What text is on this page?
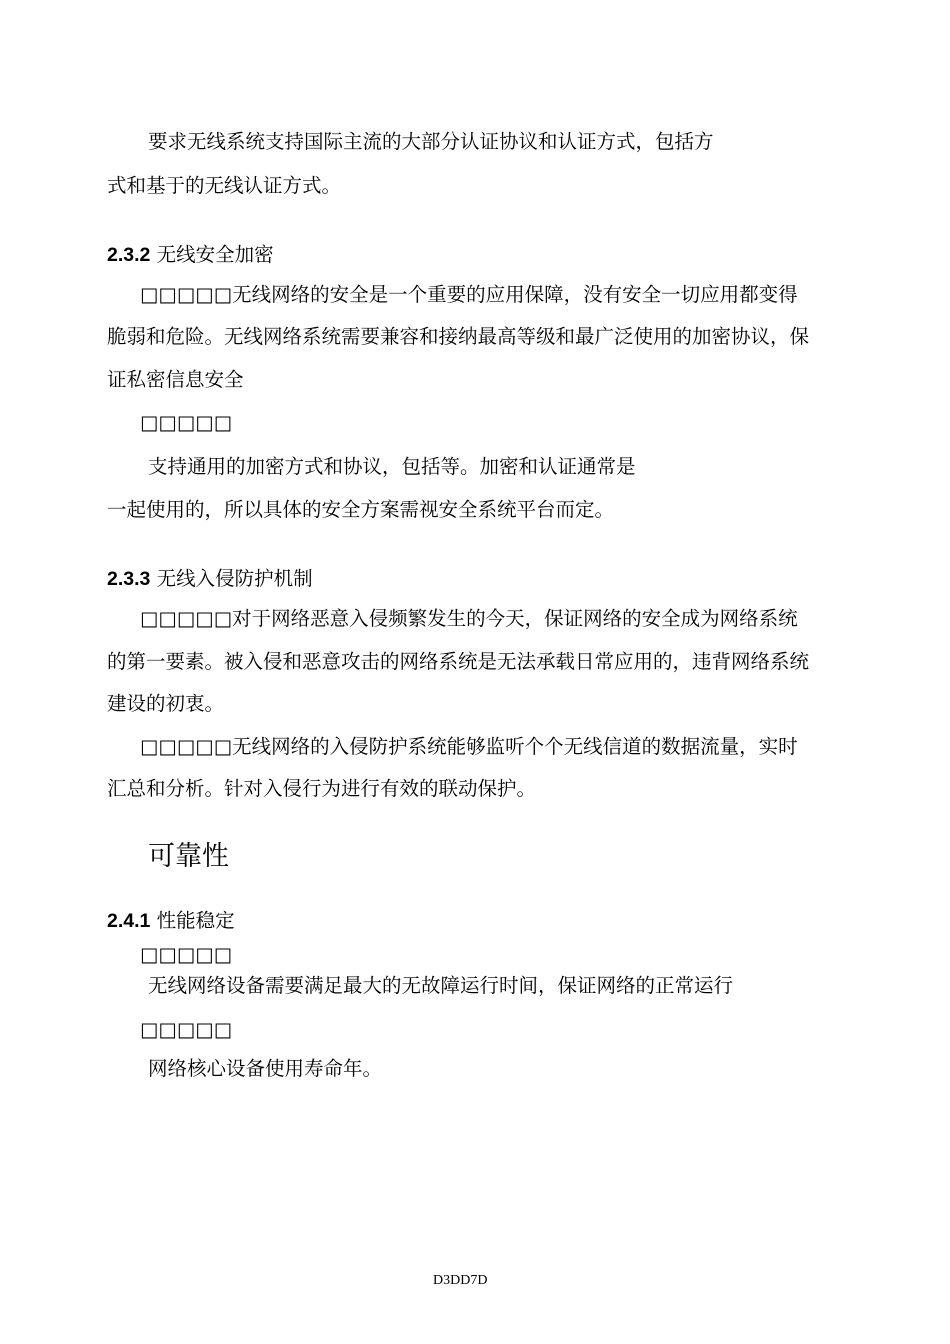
要求无线系统支持国际主流的大部分认证协议和认证方式，包括方
式和基于的无线认证方式。
2.3.2 无线安全加密
□□□□□无线网络的安全是一个重要的应用保障，没有安全一切应用都变得
脆弱和危险。无线网络系统需要兼容和接纳最高等级和最广泛使用的加密协议，保
证私密信息安全
□□□□□
支持通用的加密方式和协议，包括等。加密和认证通常是
一起使用的，所以具体的安全方案需视安全系统平台而定。
2.3.3 无线入侵防护机制
□□□□□对于网络恶意入侵频繁发生的今天，保证网络的安全成为网络系统
的第一要素。被入侵和恶意攻击的网络系统是无法承载日常应用的，违背网络系统
建设的初衷。
□□□□□无线网络的入侵防护系统能够监听个个无线信道的数据流量，实时
汇总和分析。针对入侵行为进行有效的联动保护。
可靠性
2.4.1 性能稳定
□□□□□
无线网络设备需要满足最大的无故障运行时间，保证网络的正常运行
□□□□□
网络核心设备使用寿命年。
D3DD7D
